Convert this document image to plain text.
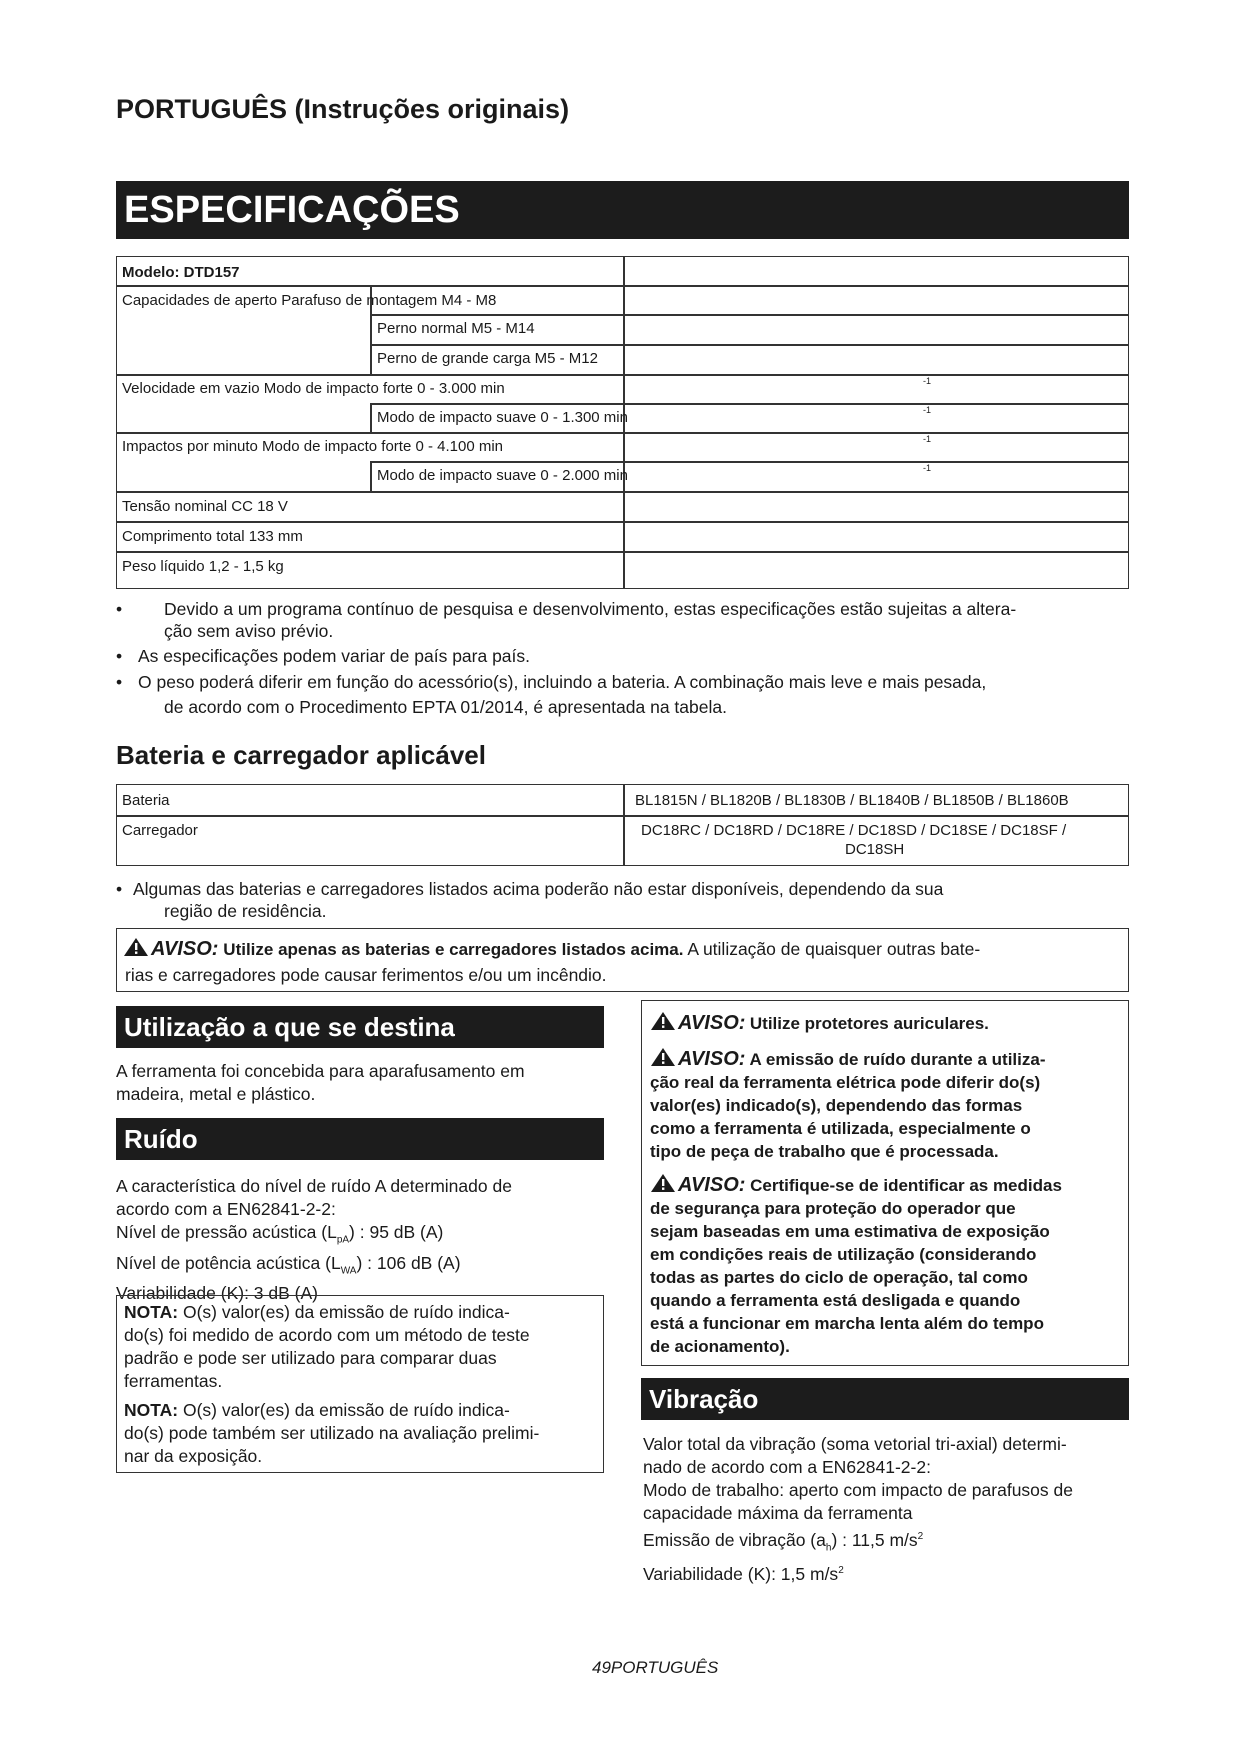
PORTUGUÊS (Instruções originais)
ESPECIFICAÇÕES
Modelo: DTD157
Capacidades de aperto Parafuso de montagem M4 - M8
Perno normal M5 - M14
Perno de grande carga M5 - M12
Velocidade em vazio Modo de impacto forte 0 - 3.000 min	-1
Modo de impacto suave 0 - 1.300 min	-1
Impactos por minuto Modo de impacto forte 0 - 4.100 min	-1
Modo de impacto suave 0 - 2.000 min	-1
Tensão nominal CC 18 V
Comprimento total 133 mm
Peso líquido 1,2 - 1,5 kg
• Devido a um programa contínuo de pesquisa e desenvolvimento, estas especificações estão sujeitas a altera-
ção sem aviso prévio.
• As especificações podem variar de país para país.
• O peso poderá diferir em função do acessório(s), incluindo a bateria. A combinação mais leve e mais pesada,
de acordo com o Procedimento EPTA 01/2014, é apresentada na tabela.
Bateria e carregador aplicável
Bateria	BL1815N / BL1820B / BL1830B / BL1840B / BL1850B / BL1860B
Carregador	DC18RC / DC18RD / DC18RE / DC18SD / DC18SE / DC18SF /
DC18SH
• Algumas das baterias e carregadores listados acima poderão não estar disponíveis, dependendo da sua
região de residência.
AVISO: Utilize apenas as baterias e carregadores listados acima. A utilização de quaisquer outras bate-
rias e carregadores pode causar ferimentos e/ou um incêndio.
Utilização a que se destina
A ferramenta foi concebida para aparafusamento em
madeira, metal e plástico.
Ruído
A característica do nível de ruído A determinado de
acordo com a EN62841-2-2:
Nível de pressão acústica $(L_{pA})$ : 95 dB (A)
Nível de potência acústica $(L_{WA})$ : 106 dB (A)
Variabilidade (K): 3 dB (A)
NOTA: O(s) valor(es) da emissão de ruído indica-
do(s) foi medido de acordo com um método de teste
padrão e pode ser utilizado para comparar duas
ferramentas.
NOTA: O(s) valor(es) da emissão de ruído indica-
do(s) pode também ser utilizado na avaliação prelimi-
nar da exposição.
AVISO: Utilize protetores auriculares.
AVISO: A emissão de ruído durante a utiliza-
ção real da ferramenta elétrica pode diferir do(s)
valor(es) indicado(s), dependendo das formas
como a ferramenta é utilizada, especialmente o
tipo de peça de trabalho que é processada.
AVISO: Certifique-se de identificar as medidas
de segurança para proteção do operador que
sejam baseadas em uma estimativa de exposição
em condições reais de utilização (considerando
todas as partes do ciclo de operação, tal como
quando a ferramenta está desligada e quando
está a funcionar em marcha lenta além do tempo
de acionamento).
Vibração
Valor total da vibração (soma vetorial tri-axial) determi-
nado de acordo com a EN62841-2-2:
Modo de trabalho: aperto com impacto de parafusos de
capacidade máxima da ferramenta
Emissão de vibração $(a_h)$ : 11,5 $m/s^2$
Variabilidade (K): 1,5 $m/s^2$
49PORTUGUÊS
